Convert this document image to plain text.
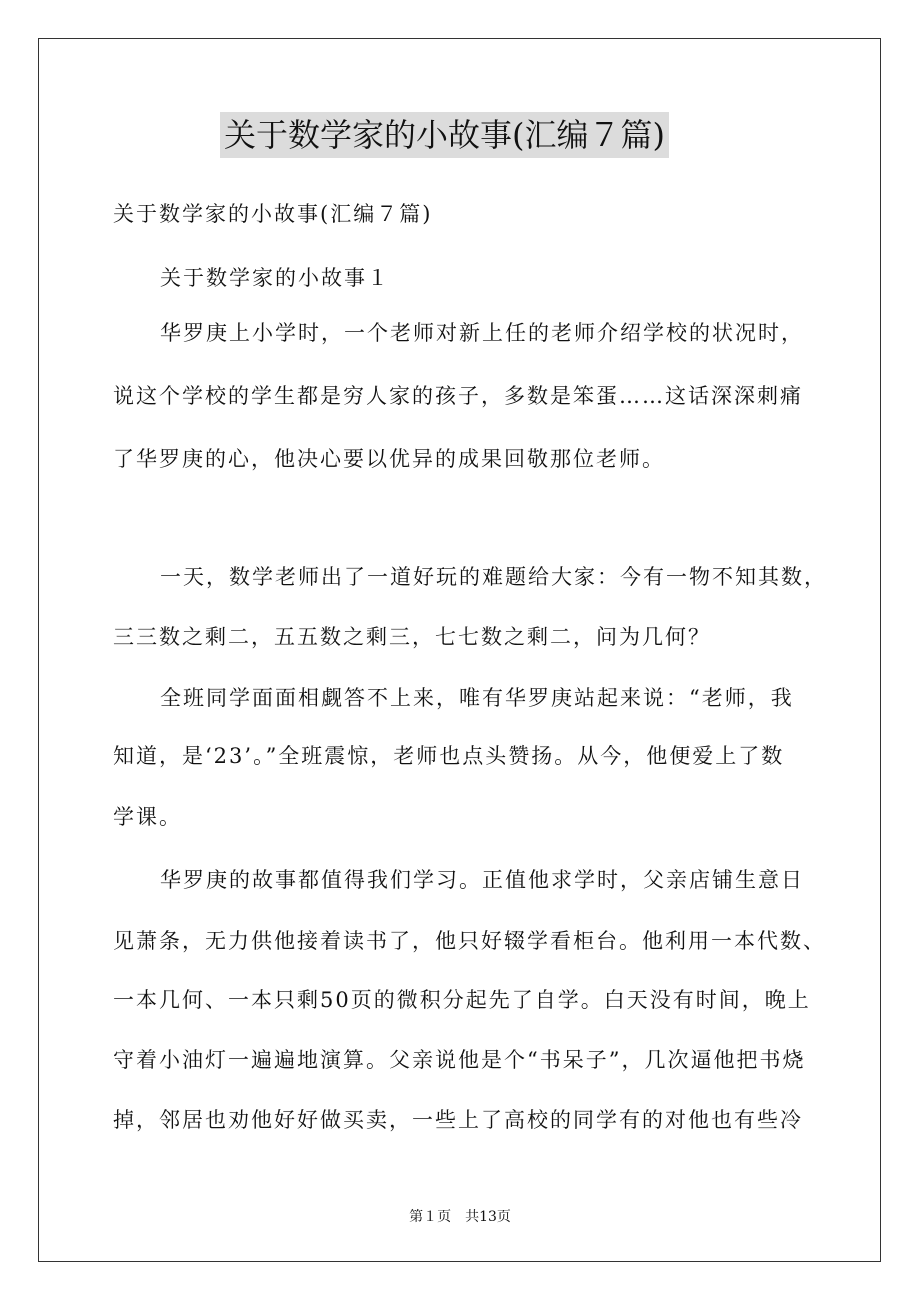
关于数学家的小故事(汇编７篇)
关于数学家的小故事(汇编７篇)
关于数学家的小故事１
华罗庚上小学时，一个老师对新上任的老师介绍学校的状况时，
说这个学校的学生都是穷人家的孩子，多数是笨蛋……这话深深刺痛
了华罗庚的心，他决心要以优异的成果回敬那位老师。
一天，数学老师出了一道好玩的难题给大家：今有一物不知其数，
三三数之剩二，五五数之剩三，七七数之剩二，问为几何？
全班同学面面相觑答不上来，唯有华罗庚站起来说：“老师，我
知道，是‘23’。”全班震惊，老师也点头赞扬。从今，他便爱上了数
学课。
华罗庚的故事都值得我们学习。正值他求学时，父亲店铺生意日
见萧条，无力供他接着读书了，他只好辍学看柜台。他利用一本代数、
一本几何、一本只剩50页的微积分起先了自学。白天没有时间，晚上
守着小油灯一遍遍地演算。父亲说他是个“书呆子”，几次逼他把书烧
掉，邻居也劝他好好做买卖，一些上了高校的同学有的对他也有些冷
第１页　共13页
